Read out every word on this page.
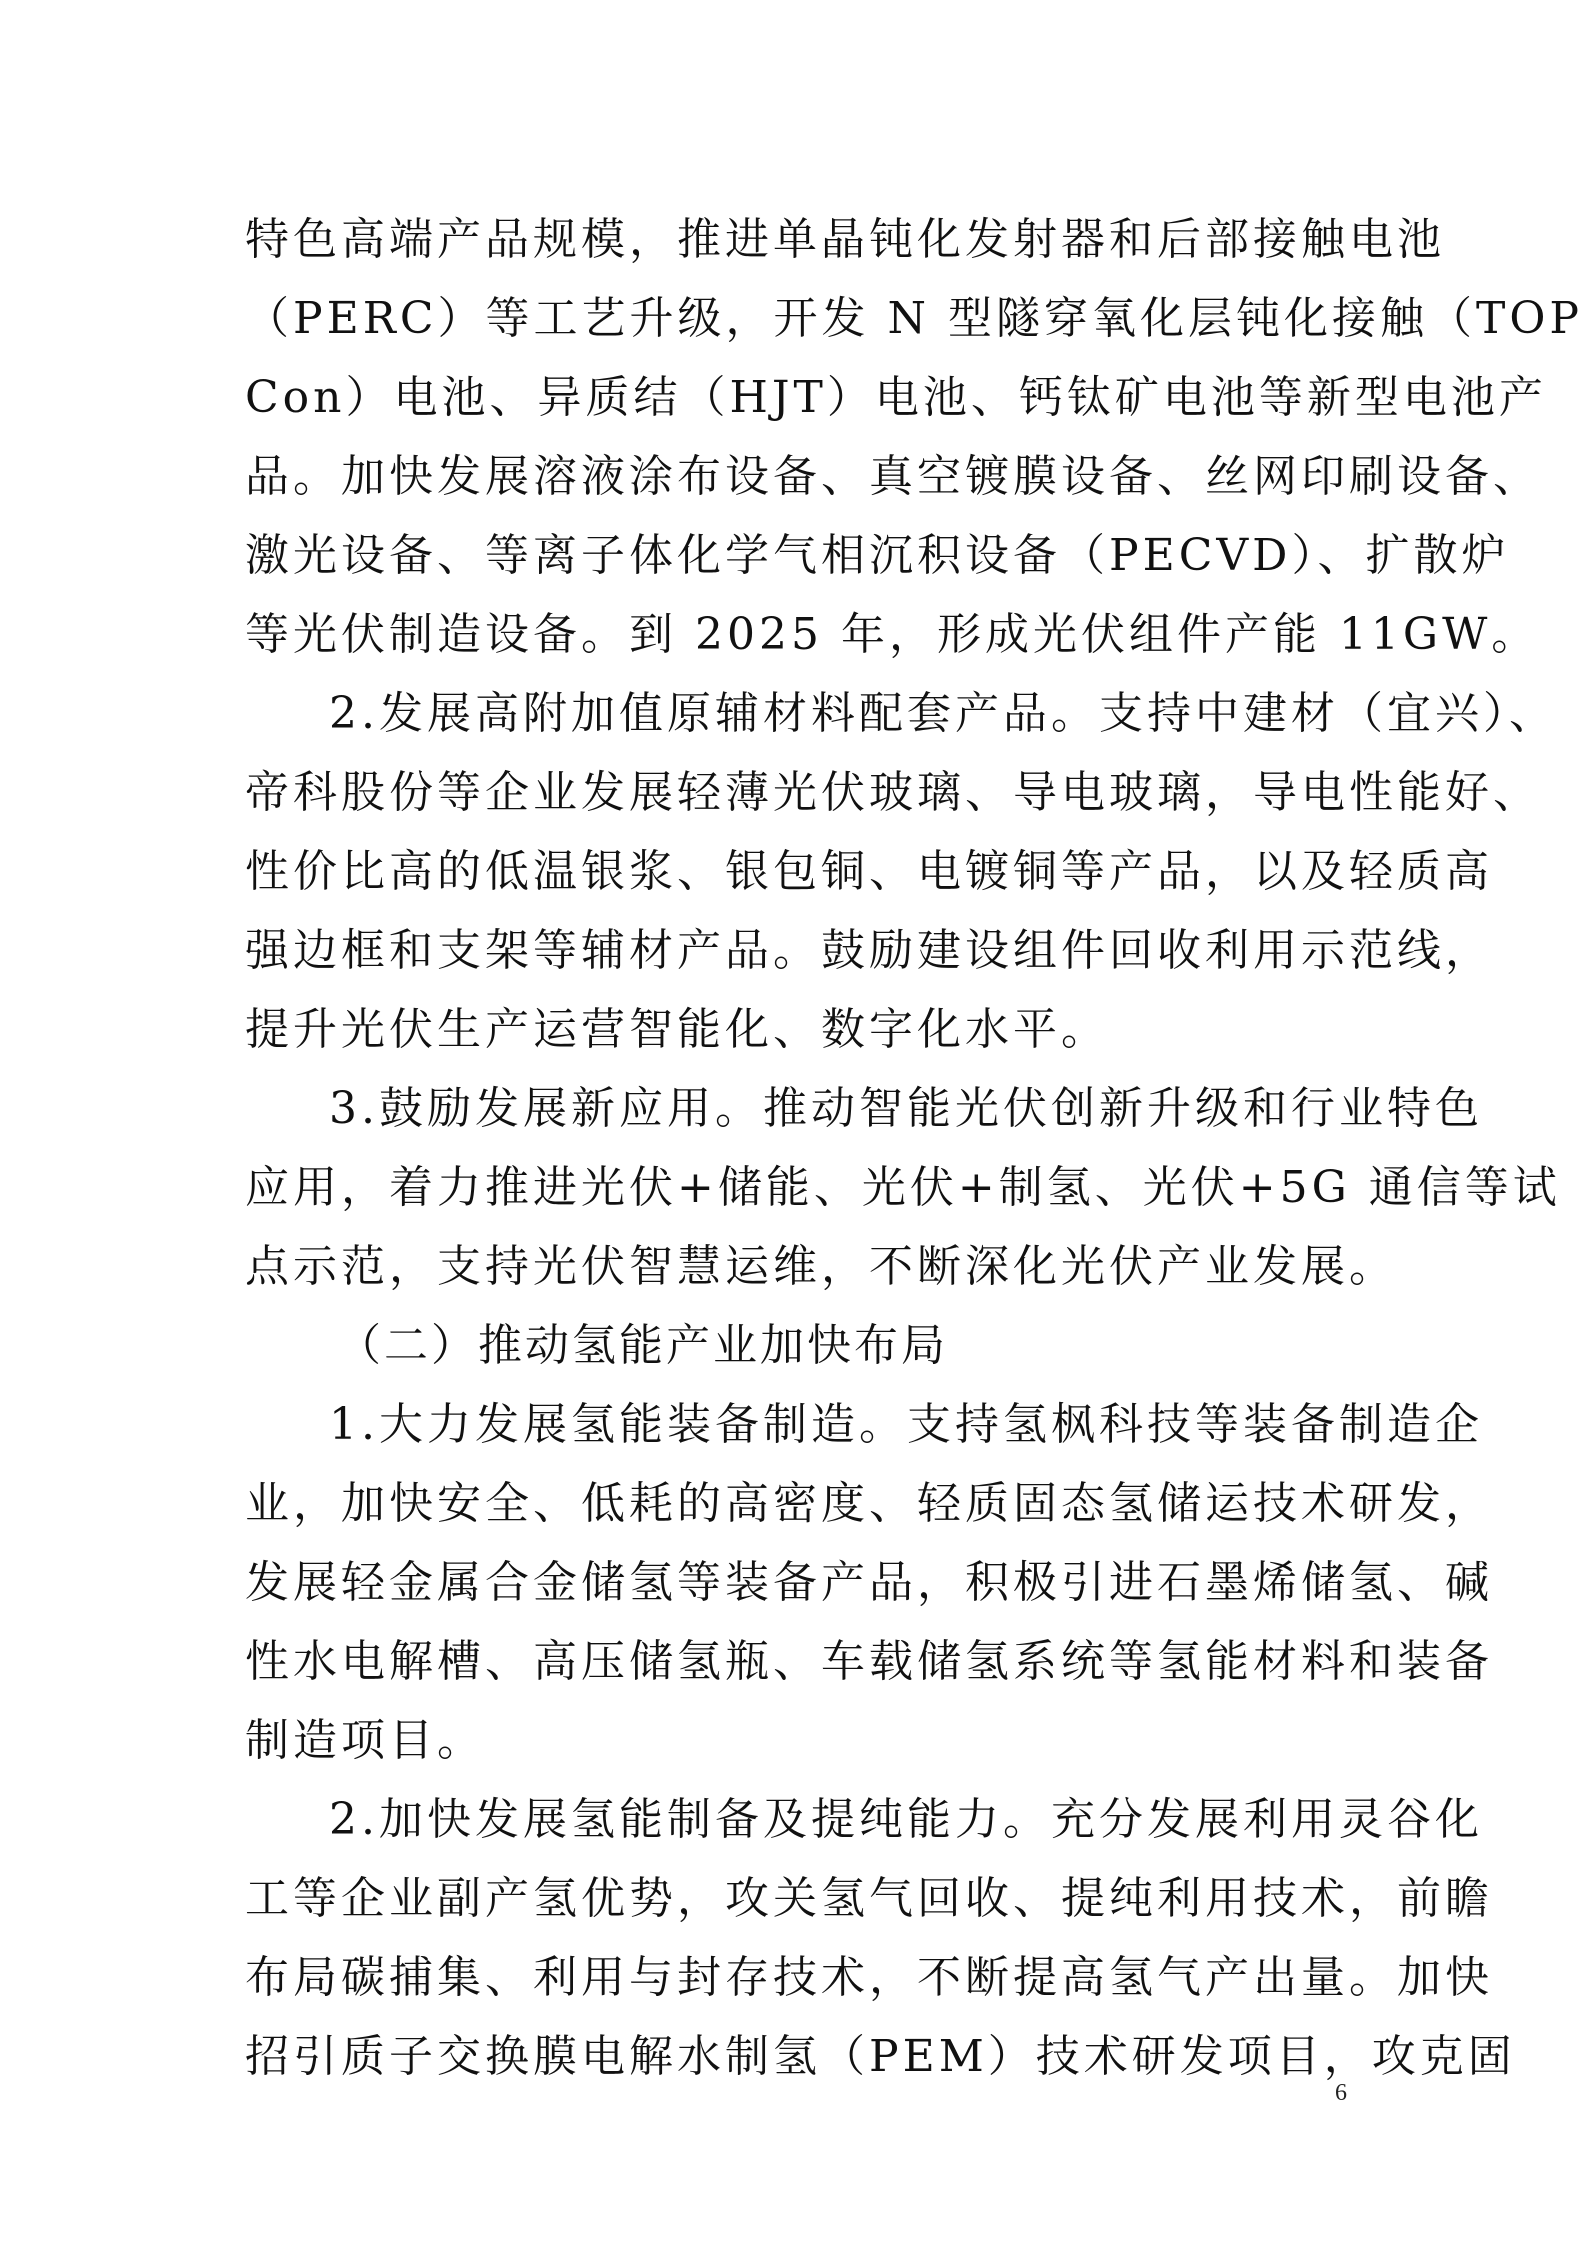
特色高端产品规模，推进单晶钝化发射器和后部接触电池
（PERC）等工艺升级，开发 N 型隧穿氧化层钝化接触（TOP
Con）电池、异质结（HJT）电池、钙钛矿电池等新型电池产
品。加快发展溶液涂布设备、真空镀膜设备、丝网印刷设备、
激光设备、等离子体化学气相沉积设备（PECVD）、扩散炉
等光伏制造设备。到 2025 年，形成光伏组件产能 11GW。
2.发展高附加值原辅材料配套产品。支持中建材（宜兴）、
帝科股份等企业发展轻薄光伏玻璃、导电玻璃，导电性能好、
性价比高的低温银浆、银包铜、电镀铜等产品，以及轻质高
强边框和支架等辅材产品。鼓励建设组件回收利用示范线，
提升光伏生产运营智能化、数字化水平。
3.鼓励发展新应用。推动智能光伏创新升级和行业特色
应用，着力推进光伏+储能、光伏+制氢、光伏+5G 通信等试
点示范，支持光伏智慧运维，不断深化光伏产业发展。
（二）推动氢能产业加快布局
1.大力发展氢能装备制造。支持氢枫科技等装备制造企
业，加快安全、低耗的高密度、轻质固态氢储运技术研发，
发展轻金属合金储氢等装备产品，积极引进石墨烯储氢、碱
性水电解槽、高压储氢瓶、车载储氢系统等氢能材料和装备
制造项目。
2.加快发展氢能制备及提纯能力。充分发展利用灵谷化
工等企业副产氢优势，攻关氢气回收、提纯利用技术，前瞻
布局碳捕集、利用与封存技术，不断提高氢气产出量。加快
招引质子交换膜电解水制氢（PEM）技术研发项目，攻克固
6
